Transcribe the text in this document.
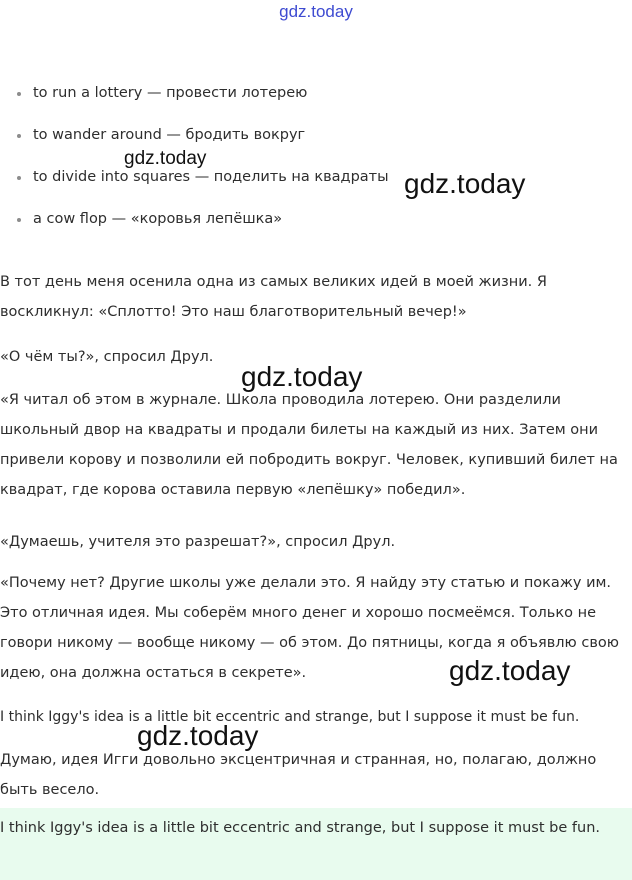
gdz.today
to run a lottery — провести лотерею
to wander around — бродить вокруг
to divide into squares — поделить на квадраты
a cow flop — «коровья лепёшка»

В тот день меня осенила одна из самых великих идей в моей жизни. Я воскликнул: «Сплотто! Это наш благотворительный вечер!»

«О чём ты?», спросил Друл.

«Я читал об этом в журнале. Школа проводила лотерею. Они разделили школьный двор на квадраты и продали билеты на каждый из них. Затем они привели корову и позволили ей побродить вокруг. Человек, купивший билет на квадрат, где корова оставила первую «лепёшку» победил».

«Думаешь, учителя это разрешат?», спросил Друл.

«Почему нет? Другие школы уже делали это. Я найду эту статью и покажу им. Это отличная идея. Мы соберём много денег и хорошо посмеёмся. Только не говори никому — вообще никому — об этом. До пятницы, когда я объявлю свою идею, она должна остаться в секрете».

I think Iggy's idea is a little bit eccentric and strange, but I suppose it must be fun.

Думаю, идея Игги довольно эксцентричная и странная, но, полагаю, должно быть весело.

I think Iggy's idea is a little bit eccentric and strange, but I suppose it must be fun.

gdz.today
gdz.today
gdz.today
gdz.today
gdz.today
